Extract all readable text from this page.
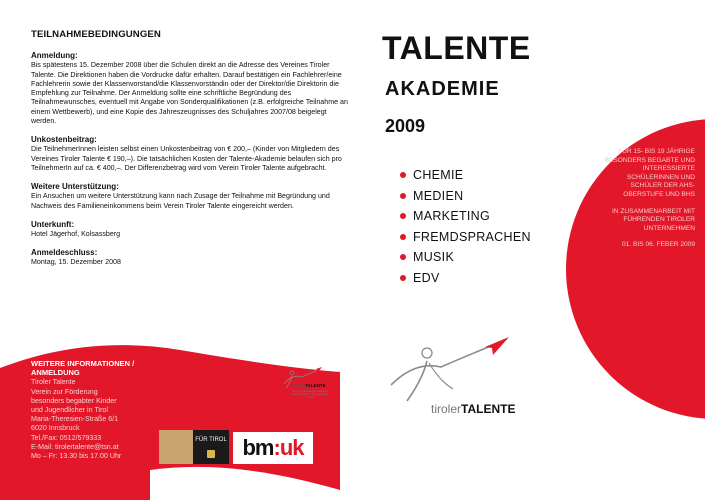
TEILNAHMEBEDINGUNGEN
Anmeldung:

Bis spätestens 15. Dezember 2008 über die Schulen direkt an die Adresse des Vereines Tiroler Talente. Die Direktionen haben die Vordrucke dafür erhalten. Darauf bestätigen ein Fachlehrer/eine Fachlehrerin sowie der Klassenvorstand/die Klassenvorständin oder der Direktor/die Direktorin die Empfehlung zur Teilnahme. Der Anmeldung sollte eine schriftliche Begründung des Teilnahmewunsches, eventuell mit Angabe von Sonderqualifikationen (z.B. erfolgreiche Teilnahme an einem Wettbewerb), und eine Kopie des Jahreszeugnisses des Schuljahres 2007/08 beigelegt werden.

Unkostenbeitrag:

Die TeilnehmerInnen leisten selbst einen Unkostenbeitrag von € 200,– (Kinder von Mitgliedern des Vereines Tiroler Talente € 190,–). Die tatsächlichen Kosten der Talente-Akademie belaufen sich pro TeilnehmerIn auf ca. € 400,–. Der Differenzbetrag wird vom Verein Tiroler Talente aufgebracht.

Weitere Unterstützung:

Ein Ansuchen um weitere Unterstützung kann nach Zusage der Teilnahme mit Begründung und Nachweis des Familieneinkommens beim Verein Tiroler Talente eingereicht werden.

Unterkunft:

Hotel Jägerhof, Kolsassberg

Anmeldeschluss:

Montag, 15. Dezember 2008

WEITERE INFORMATIONEN / ANMELDUNG
Tiroler Talente
Verein zur Förderung
besonders begabter Kinder
und Jugendlicher in Tirol
Maria-Theresien-Straße 6/1
6020 Innsbruck
Tel./Fax: 0512/579333
E-Mail: tirolertalente@tsn.at
Mo – Fr: 13.30 bis 17.00 Uhr
tirolerTALENTE
Verein zur Förderung besonders begabter Kinder und Jugendlicher in Tirol
FÜR TIROL bm:uk
TALENTE
AKADEMIE
2009
CHEMIE
MEDIEN
MARKETING
FREMDSPRACHEN
MUSIK
EDV

FÜR 15- BIS 19 JÄHRIGE BESONDERS BEGABTE UND INTERESSIERTE SCHÜLERINNEN UND SCHÜLER DER AHS-OBERSTUFE UND BHS

IN ZUSAMMENARBEIT MIT FÜHRENDEN TIROLER UNTERNEHMEN

01. BIS 06. FEBER 2009

tirolerTALENTE
